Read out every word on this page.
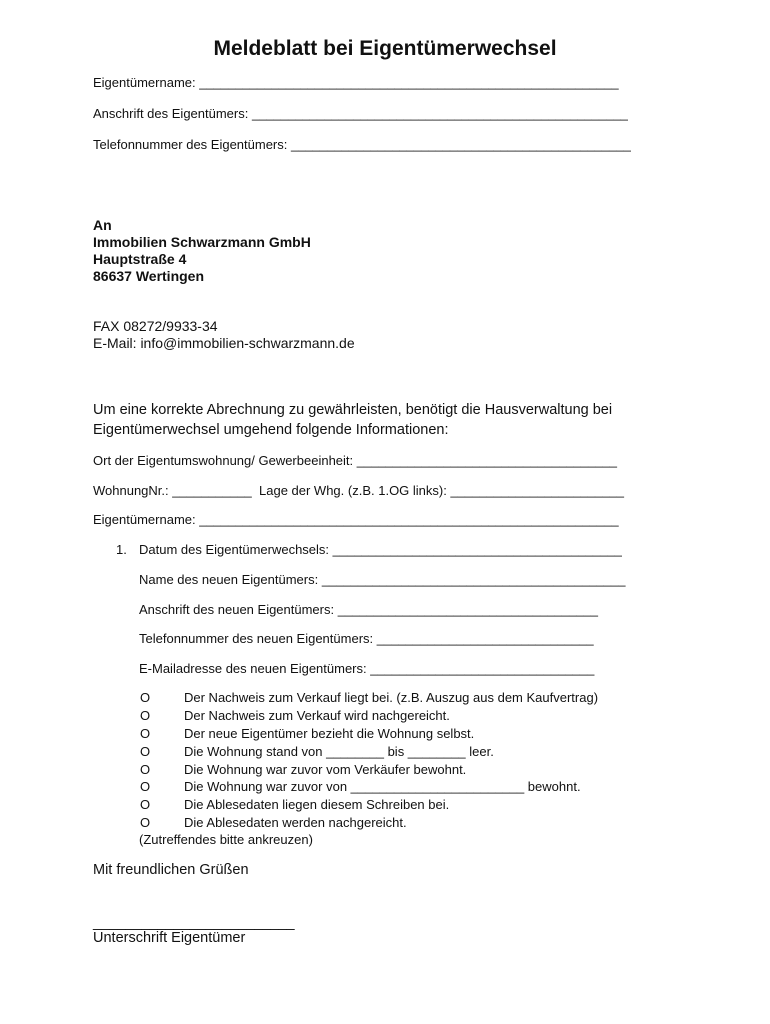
Meldeblatt bei Eigentümerwechsel
Eigentümername: __________________________________________________________
Anschrift des Eigentümers: ____________________________________________________
Telefonnummer des Eigentümers: _______________________________________________
An
Immobilien Schwarzmann GmbH
Hauptstraße 4
86637 Wertingen
FAX 08272/9933-34
E-Mail: info@immobilien-schwarzmann.de
Um eine korrekte Abrechnung zu gewährleisten, benötigt die Hausverwaltung bei
Eigentümerwechsel umgehend folgende Informationen:
Ort der Eigentumswohnung/ Gewerbeeinheit: ____________________________________
WohnungNr.: ___________  Lage der Whg. (z.B. 1.OG links): ________________________
Eigentümername: __________________________________________________________
1. Datum des Eigentümerwechsels: ________________________________________
Name des neuen Eigentümers: __________________________________________
Anschrift des neuen Eigentümers: ____________________________________
Telefonnummer des neuen Eigentümers: ______________________________
E-Mailadresse des neuen Eigentümers: _______________________________
O	Der Nachweis zum Verkauf liegt bei. (z.B. Auszug aus dem Kaufvertrag)
O	Der Nachweis zum Verkauf wird nachgereicht.
O	Der neue Eigentümer bezieht die Wohnung selbst.
O	Die Wohnung stand von ________ bis ________ leer.
O	Die Wohnung war zuvor vom Verkäufer bewohnt.
O	Die Wohnung war zuvor von ________________________ bewohnt.
O	Die Ablesedaten liegen diesem Schreiben bei.
O	Die Ablesedaten werden nachgereicht.
(Zutreffendes bitte ankreuzen)
Mit freundlichen Grüßen
_________________________
Unterschrift Eigentümer
